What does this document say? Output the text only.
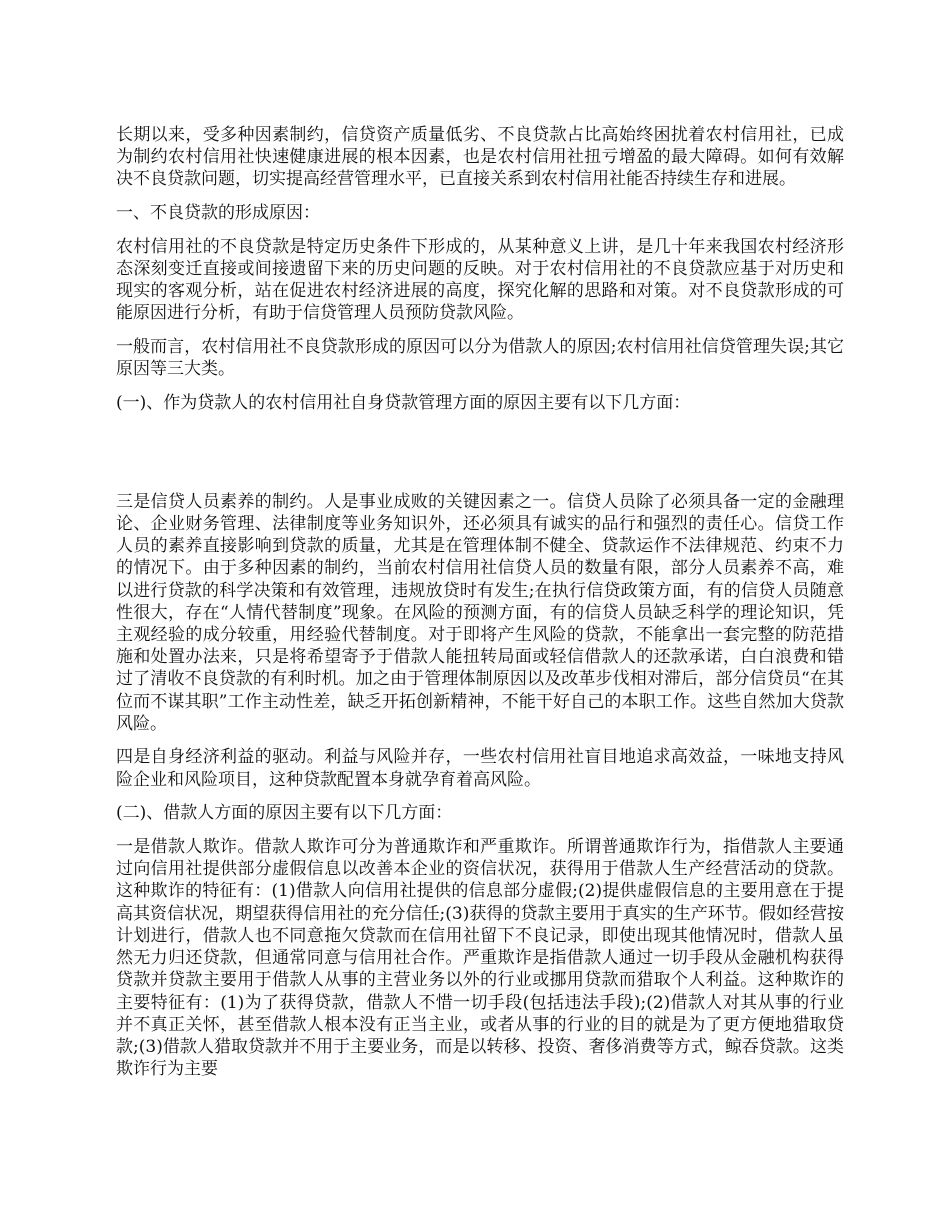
长期以来，受多种因素制约，信贷资产质量低劣、不良贷款占比高始终困扰着农村信用社，已成为制约农村信用社快速健康进展的根本因素，也是农村信用社扭亏增盈的最大障碍。如何有效解决不良贷款问题，切实提高经营管理水平，已直接关系到农村信用社能否持续生存和进展。

一、不良贷款的形成原因：

农村信用社的不良贷款是特定历史条件下形成的，从某种意义上讲，是几十年来我国农村经济形态深刻变迁直接或间接遗留下来的历史问题的反映。对于农村信用社的不良贷款应基于对历史和现实的客观分析，站在促进农村经济进展的高度，探究化解的思路和对策。对不良贷款形成的可能原因进行分析，有助于信贷管理人员预防贷款风险。

一般而言，农村信用社不良贷款形成的原因可以分为借款人的原因;农村信用社信贷管理失误;其它原因等三大类。

(一)、作为贷款人的农村信用社自身贷款管理方面的原因主要有以下几方面：

三是信贷人员素养的制约。人是事业成败的关键因素之一。信贷人员除了必须具备一定的金融理论、企业财务管理、法律制度等业务知识外，还必须具有诚实的品行和强烈的责任心。信贷工作人员的素养直接影响到贷款的质量，尤其是在管理体制不健全、贷款运作不法律规范、约束不力的情况下。由于多种因素的制约，当前农村信用社信贷人员的数量有限，部分人员素养不高，难以进行贷款的科学决策和有效管理，违规放贷时有发生;在执行信贷政策方面，有的信贷人员随意性很大，存在“人情代替制度”现象。在风险的预测方面，有的信贷人员缺乏科学的理论知识，凭主观经验的成分较重，用经验代替制度。对于即将产生风险的贷款，不能拿出一套完整的防范措施和处置办法来，只是将希望寄予于借款人能扭转局面或轻信借款人的还款承诺，白白浪费和错过了清收不良贷款的有利时机。加之由于管理体制原因以及改革步伐相对滞后，部分信贷员“在其位而不谋其职”工作主动性差，缺乏开拓创新精神，不能干好自己的本职工作。这些自然加大贷款风险。

四是自身经济利益的驱动。利益与风险并存，一些农村信用社盲目地追求高效益，一味地支持风险企业和风险项目，这种贷款配置本身就孕育着高风险。

(二)、借款人方面的原因主要有以下几方面：

一是借款人欺诈。借款人欺诈可分为普通欺诈和严重欺诈。所谓普通欺诈行为，指借款人主要通过向信用社提供部分虚假信息以改善本企业的资信状况，获得用于借款人生产经营活动的贷款。这种欺诈的特征有：(1)借款人向信用社提供的信息部分虚假;(2)提供虚假信息的主要用意在于提高其资信状况，期望获得信用社的充分信任;(3)获得的贷款主要用于真实的生产环节。假如经营按计划进行，借款人也不同意拖欠贷款而在信用社留下不良记录，即使出现其他情况时，借款人虽然无力归还贷款，但通常同意与信用社合作。严重欺诈是指借款人通过一切手段从金融机构获得贷款并贷款主要用于借款人从事的主营业务以外的行业或挪用贷款而猎取个人利益。这种欺诈的主要特征有：(1)为了获得贷款，借款人不惜一切手段(包括违法手段);(2)借款人对其从事的行业并不真正关怀，甚至借款人根本没有正当主业，或者从事的行业的目的就是为了更方便地猎取贷款;(3)借款人猎取贷款并不用于主要业务，而是以转移、投资、奢侈消费等方式，鲸吞贷款。这类欺诈行为主要
